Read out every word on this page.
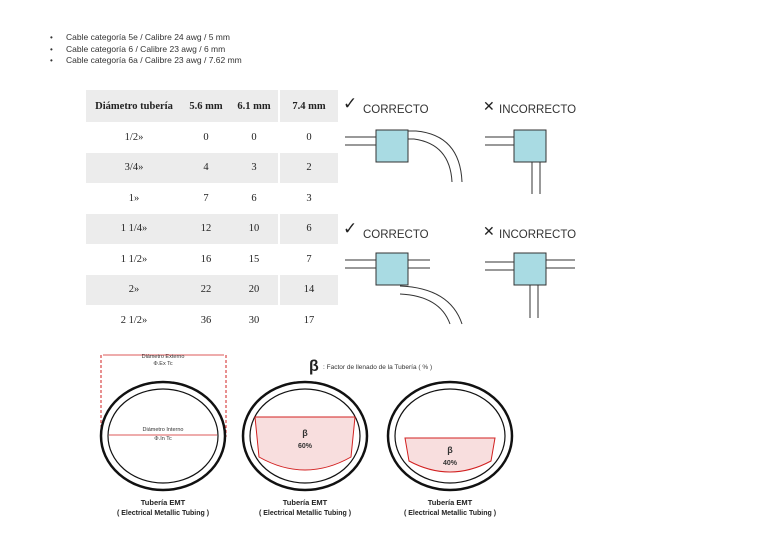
• Cable categoría 5e / Calibre 24 awg / 5 mm
• Cable categoría 6 / Calibre 23 awg / 6 mm
• Cable categoría 6a / Calibre 23 awg / 7.62 mm
Diámetro tubería	5.6 mm	6.1 mm	7.4 mm
1/2»	0	0	0
3/4»	4	3	2
1»	7	6	3
1 1/4»	12	10	6
1 1/2»	16	15	7
2»	22	20	14
2 1/2»	36	30	17
✓ CORRECTO	✕ INCORRECTO
✓ CORRECTO	✕ INCORRECTO
β : Factor de llenado de la Tubería ( % )
Diámetro Externo
Φ.Ex Tc
Diámetro Interno
Φ.In Tc
Tubería EMT
( Electrical Metallic Tubing )
β
60%
Tubería EMT
( Electrical Metallic Tubing )
β
40%
Tubería EMT
( Electrical Metallic Tubing )
